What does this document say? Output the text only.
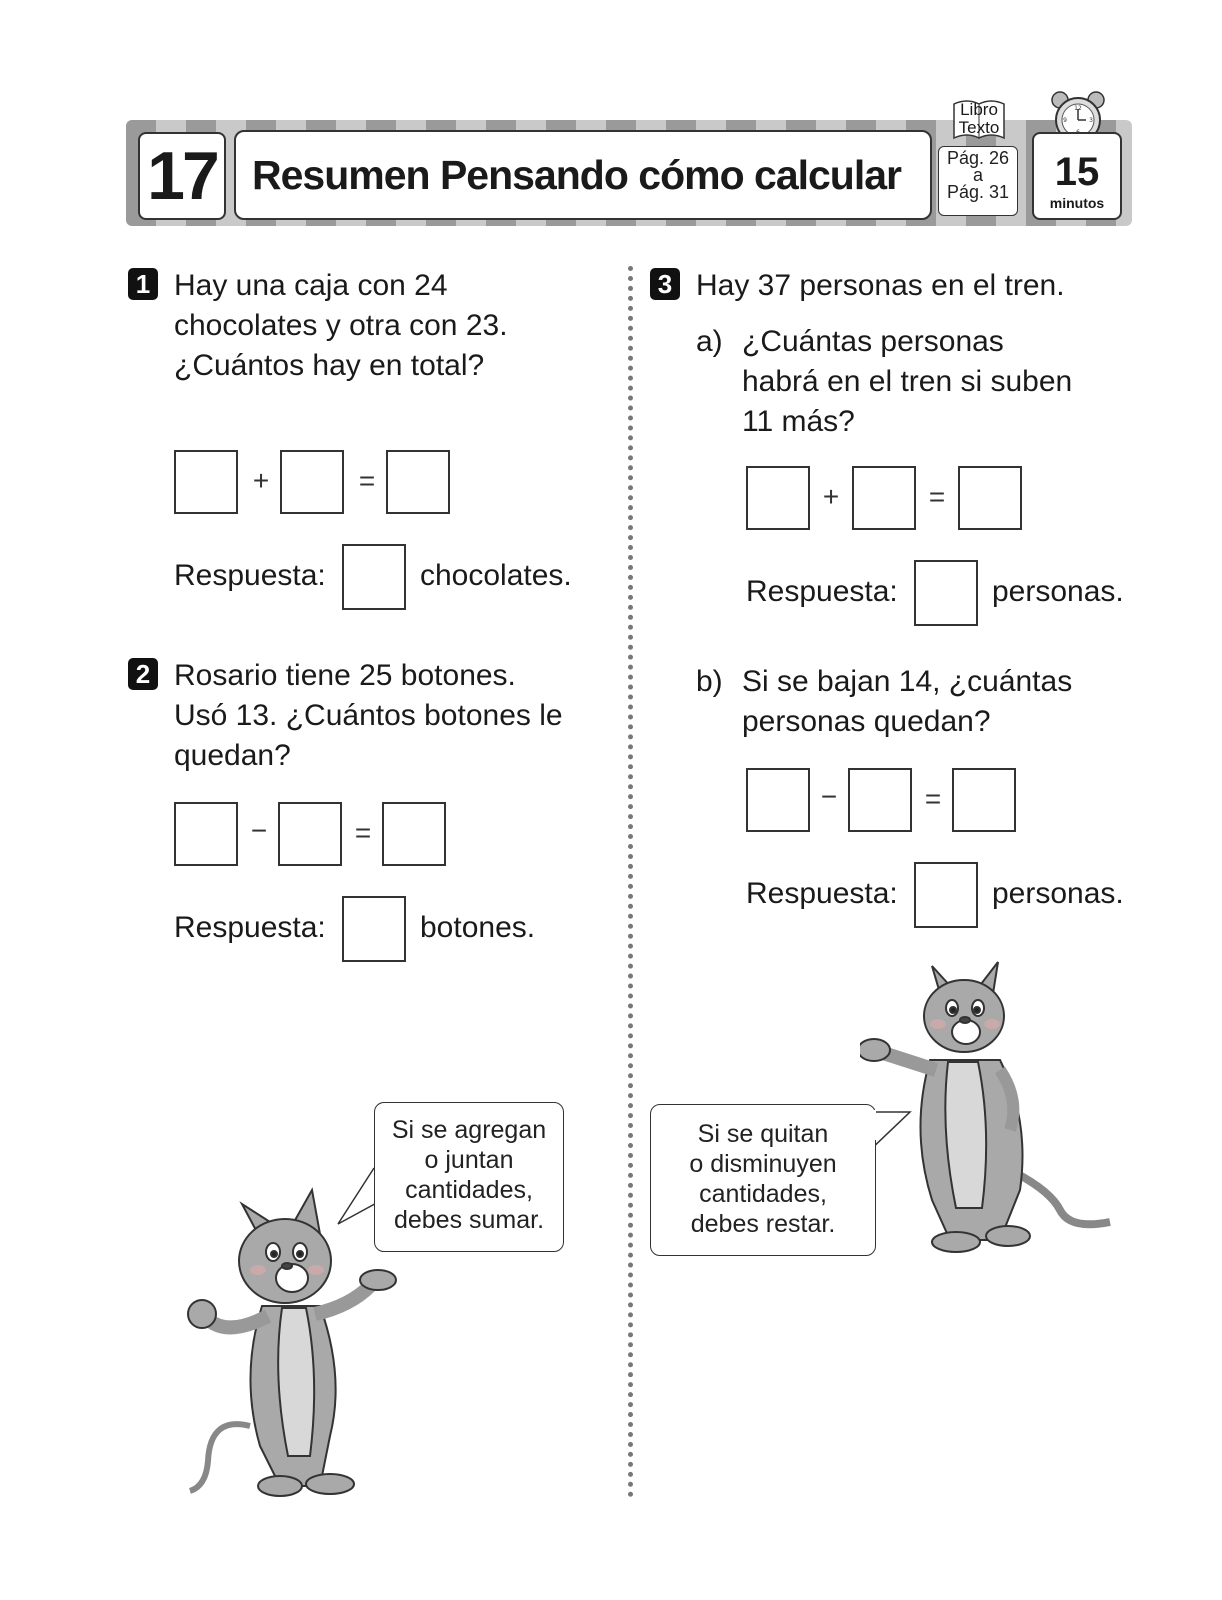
17 Resumen Pensando cómo calcular
Libro
Texto
Pág. 26
a
Pág. 31
12
3
9
15
minutos
1 Hay una caja con 24
chocolates y otra con 23.
¿Cuántos hay en total?
+	=
Respuesta:	chocolates.
2 Rosario tiene 25 botones.
Usó 13. ¿Cuántos botones le
quedan?
−	=
Respuesta:	botones.
3 Hay 37 personas en el tren.
a) ¿Cuántas personas
habrá en el tren si suben
11 más?
+	=
Respuesta:	personas.
b) Si se bajan 14, ¿cuántas
personas quedan?
−	=
Respuesta:	personas.
Si se agregan
o juntan
cantidades,
debes sumar.
Si se quitan
o disminuyen
cantidades,
debes restar.
